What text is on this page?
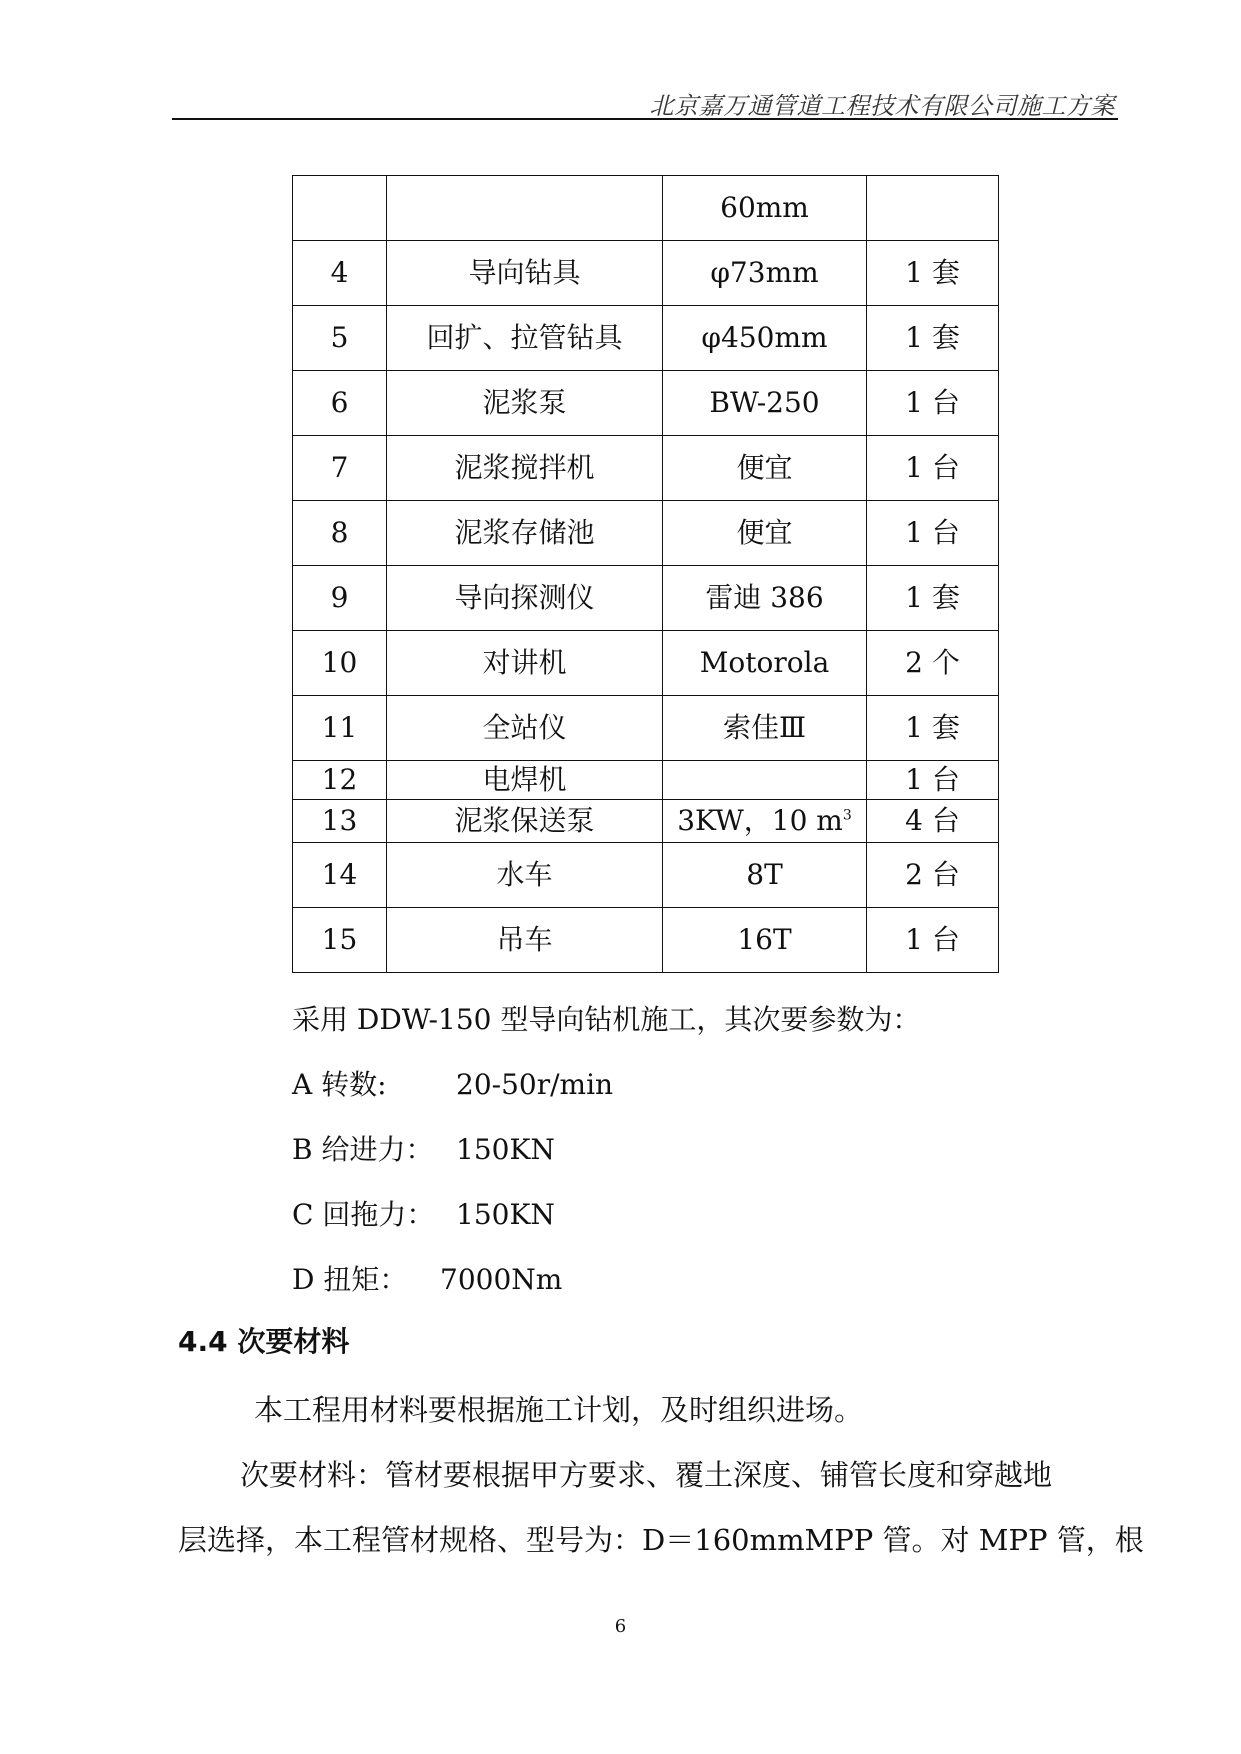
北京嘉万通管道工程技术有限公司施工方案
		60mm	
4	导向钻具	φ73mm	1 套
5	回扩、拉管钻具	φ450mm	1 套
6	泥浆泵	BW-250	1 台
7	泥浆搅拌机	便宜	1 台
8	泥浆存储池	便宜	1 台
9	导向探测仪	雷迪 386	1 套
10	对讲机	Motorola	2 个
11	全站仪	索佳Ⅲ	1 套
12	电焊机		1 台
13	泥浆保送泵	3KW，10 $m^3$	4 台
14	水车	8T	2 台
15	吊车	16T	1 台
采用 DDW-150 型导向钻机施工，其次要参数为：
A 转数: 20-50r/min
B 给进力： 150KN
C 回拖力： 150KN
D 扭矩： 7000Nm
4.4 次要材料
本工程用材料要根据施工计划，及时组织进场。
次要材料：管材要根据甲方要求、覆土深度、铺管长度和穿越地
层选择，本工程管材规格、型号为：D＝160mmMPP 管。对 MPP 管，根
6
